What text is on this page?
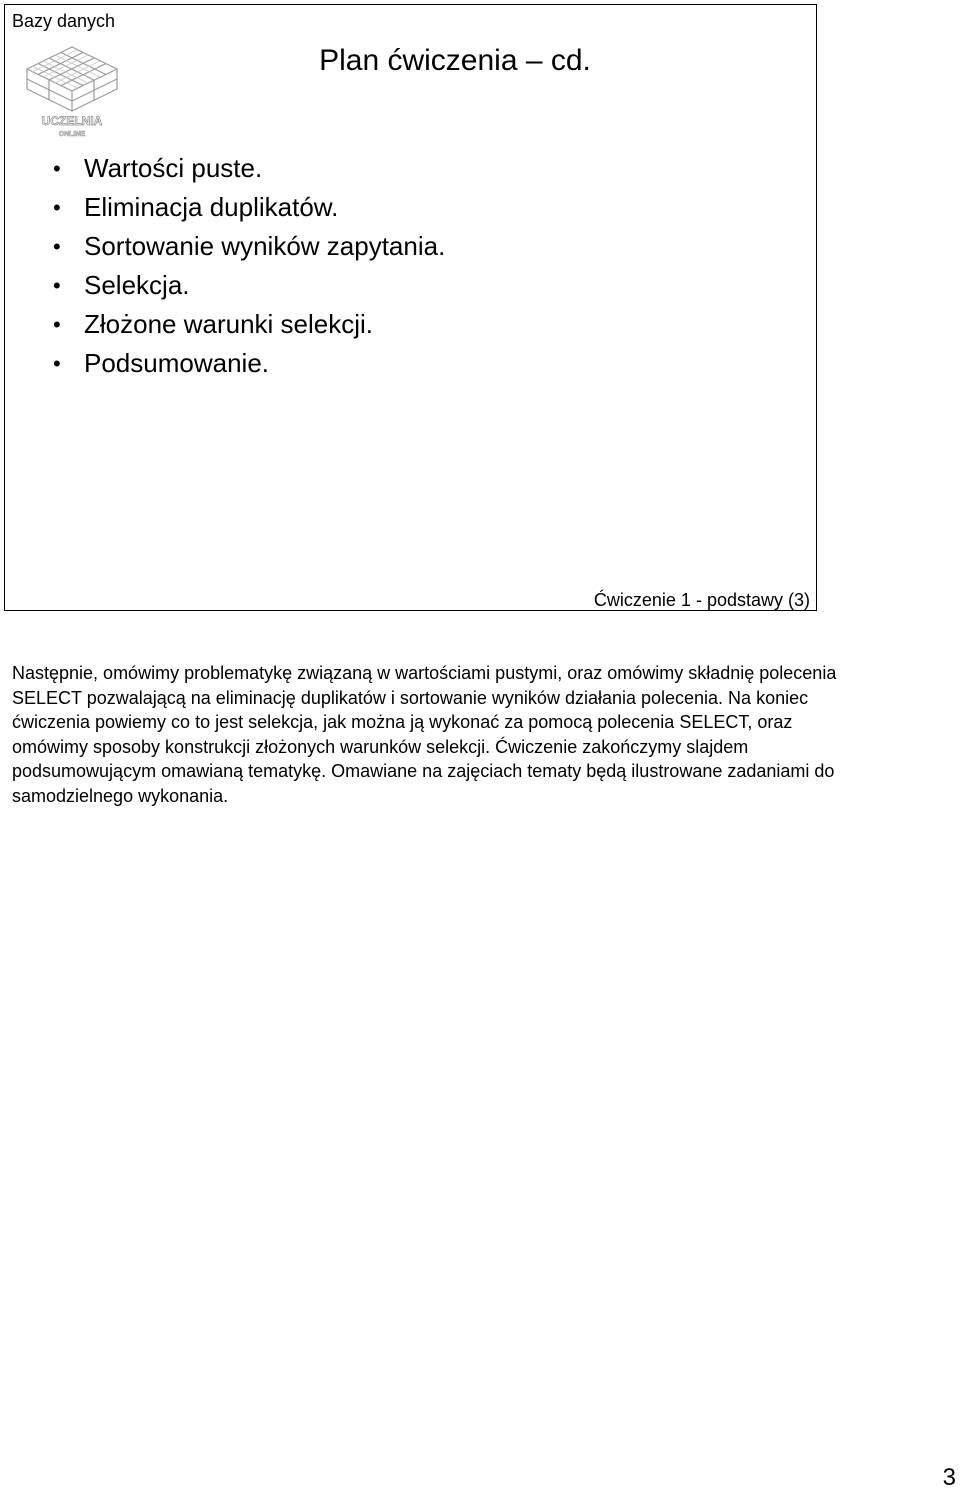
Bazy danych
UCZELNIA
ONLINE
Plan ćwiczenia – cd.
• Wartości puste.
• Eliminacja duplikatów.
• Sortowanie wyników zapytania.
• Selekcja.
• Złożone warunki selekcji.
• Podsumowanie.
Ćwiczenie 1 - podstawy (3)

Następnie, omówimy problematykę związaną w wartościami pustymi, oraz omówimy składnię polecenia SELECT pozwalającą na eliminację duplikatów i sortowanie wyników działania polecenia. Na koniec ćwiczenia powiemy co to jest selekcja, jak można ją wykonać za pomocą polecenia SELECT, oraz omówimy sposoby konstrukcji złożonych warunków selekcji. Ćwiczenie zakończymy slajdem podsumowującym omawianą tematykę. Omawiane na zajęciach tematy będą ilustrowane zadaniami do samodzielnego wykonania.

3
